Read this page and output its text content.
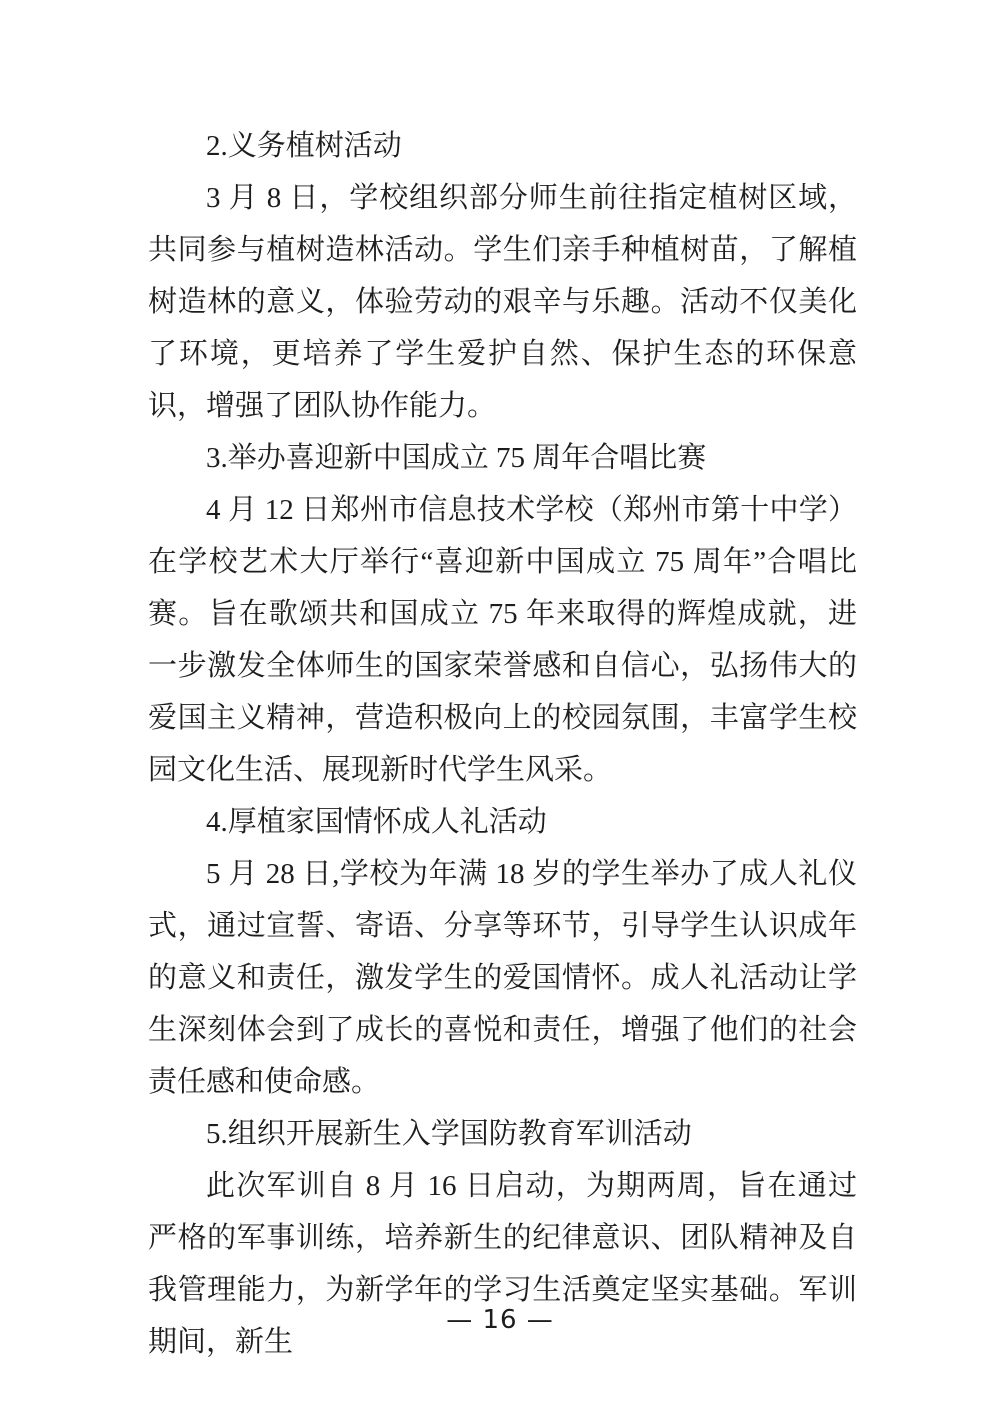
2.义务植树活动

3 月 8 日，学校组织部分师生前往指定植树区域，共同参与植树造林活动。学生们亲手种植树苗，了解植树造林的意义，体验劳动的艰辛与乐趣。活动不仅美化了环境，更培养了学生爱护自然、保护生态的环保意识，增强了团队协作能力。

3.举办喜迎新中国成立 75 周年合唱比赛

4 月 12 日郑州市信息技术学校（郑州市第十中学）在学校艺术大厅举行“喜迎新中国成立 75 周年”合唱比赛。旨在歌颂共和国成立 75 年来取得的辉煌成就，进一步激发全体师生的国家荣誉感和自信心，弘扬伟大的爱国主义精神，营造积极向上的校园氛围，丰富学生校园文化生活、展现新时代学生风采。

4.厚植家国情怀成人礼活动

5 月 28 日,学校为年满 18 岁的学生举办了成人礼仪式，通过宣誓、寄语、分享等环节，引导学生认识成年的意义和责任，激发学生的爱国情怀。成人礼活动让学生深刻体会到了成长的喜悦和责任，增强了他们的社会责任感和使命感。

5.组织开展新生入学国防教育军训活动

此次军训自 8 月 16 日启动，为期两周，旨在通过严格的军事训练，培养新生的纪律意识、团队精神及自我管理能力，为新学年的学习生活奠定坚实基础。军训期间，新生

— 16 —
